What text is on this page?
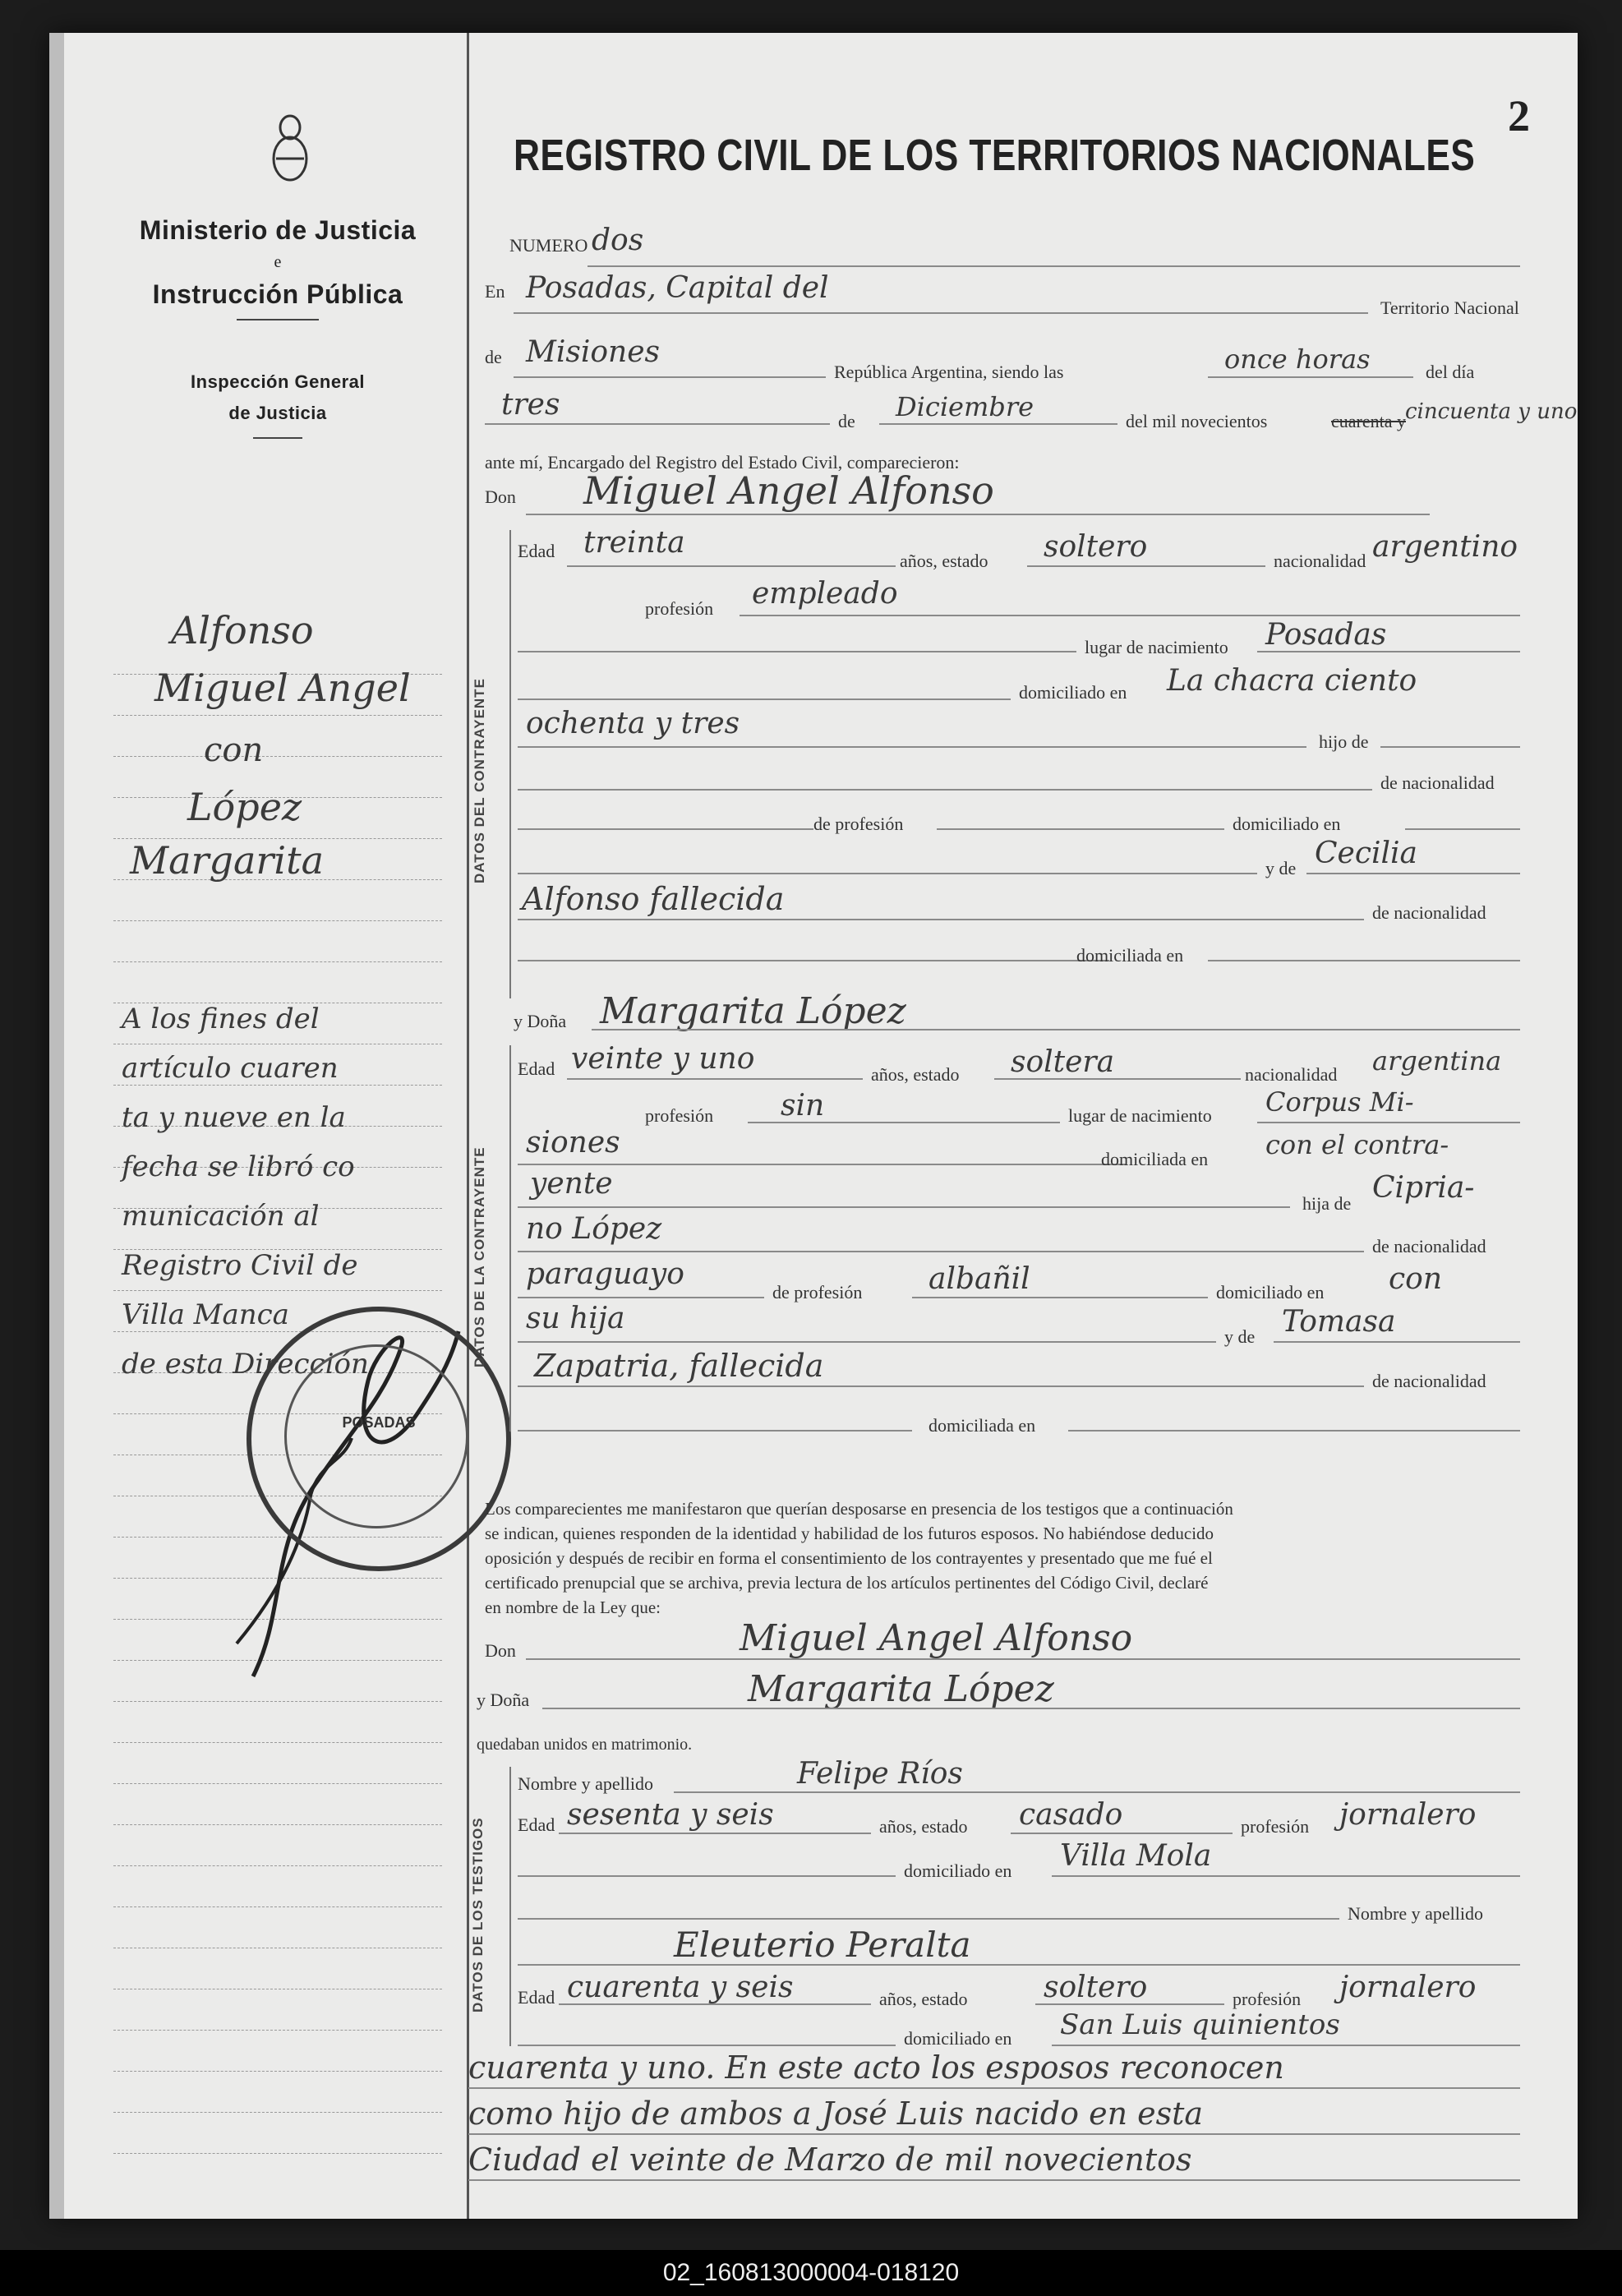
Ministerio de Justicia
e
Instrucción Pública
Inspección General
de Justicia
Alfonso
Miguel Angel
con
López
Margarita
A los fines del
artículo cuaren
ta y nueve en la
fecha se libró co
municación al
Registro Civil de
Villa Manca
de esta Dirección
POSADAS
2
REGISTRO CIVIL DE LOS TERRITORIOS NACIONALES
NUMERO dos
En Posadas, Capital del
Territorio Nacional
de Misiones
República Argentina, siendo las	once horas	del día
tres	de Diciembre	del mil novecientos	cuarenta y cincuenta y uno
ante mí, Encargado del Registro del Estado Civil, comparecieron:
Don Miguel Angel Alfonso
DATOS DEL CONTRAYENTE
Edad treinta
años, estado soltero	nacionalidad argentino
profesión empleado
lugar de nacimiento Posadas
domiciliado en La chacra ciento
ochenta y tres
hijo de
de nacionalidad
de profesión	domiciliado en
y de Cecilia
Alfonso fallecida	de nacionalidad
domiciliada en
y Doña Margarita López
DATOS DE LA CONTRAYENTE
Edad veinte y uno	años, estado soltera	nacionalidad argentina
profesión sin	lugar de nacimiento Corpus Mi-
siones	domiciliada en con el contra-
yente
hija de Cipria-
no López
de nacionalidad
paraguayo
de profesión albañil	domiciliado en con
su hija
y de Tomasa
Zapatria, fallecida	de nacionalidad
domiciliada en
Los comparecientes me manifestaron que querían desposarse en presencia de los testigos que a continuación
se indican, quienes responden de la identidad y habilidad de los futuros esposos. No habiéndose deducido
oposición y después de recibir en forma el consentimiento de los contrayentes y presentado que me fué el
certificado prenupcial que se archiva, previa lectura de los artículos pertinentes del Código Civil, declaré
en nombre de la Ley que:
Don	Miguel Angel Alfonso
y Doña	Margarita López
quedaban unidos en matrimonio.
DATOS DE LOS TESTIGOS
Nombre y apellido	Felipe Ríos
Edad sesenta y seis	años, estado casado	profesión jornalero
domiciliado en Villa Mola
Nombre y apellido
Eleuterio Peralta
Edad cuarenta y seis	años, estado	soltero	profesión jornalero
domiciliado en San Luis quinientos
cuarenta y uno. En este acto los esposos reconocen
como hijo de ambos a José Luis nacido en esta
Ciudad el veinte de Marzo de mil novecientos
02_160813000004-018120
